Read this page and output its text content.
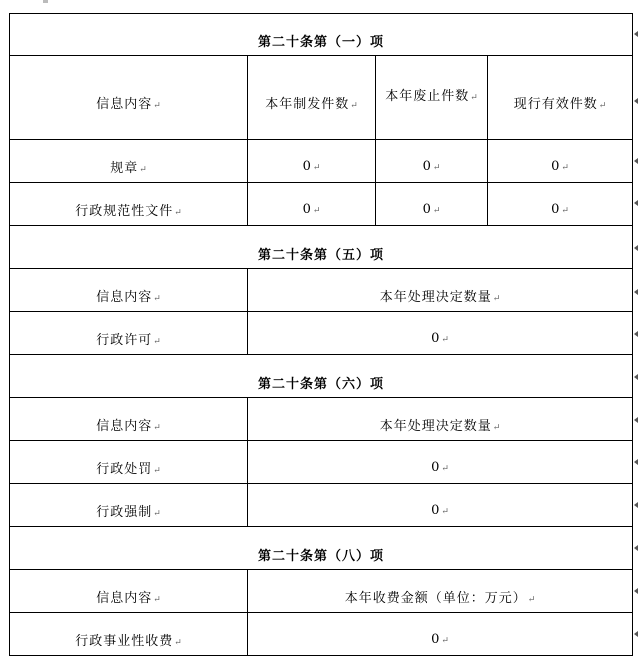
第二十条第（一）项			
信息内容 ↵	本年制发件数 ↵	本年废止件数 ↵	现行有效件数 ↵
规章 ↵	0 ↵	0 ↵	0 ↵
行政规范性文件 ↵	0 ↵	0 ↵	0 ↵
第二十条第（五）项			
信息内容 ↵	本年处理决定数量 ↵
行政许可 ↵	0 ↵
第二十条第（六）项			
信息内容 ↵	本年处理决定数量 ↵
行政处罚 ↵	0 ↵
行政强制 ↵	0 ↵
第二十条第（八）项			
信息内容 ↵	本年收费金额（单位：万元） ↵
行政事业性收费 ↵	0 ↵
